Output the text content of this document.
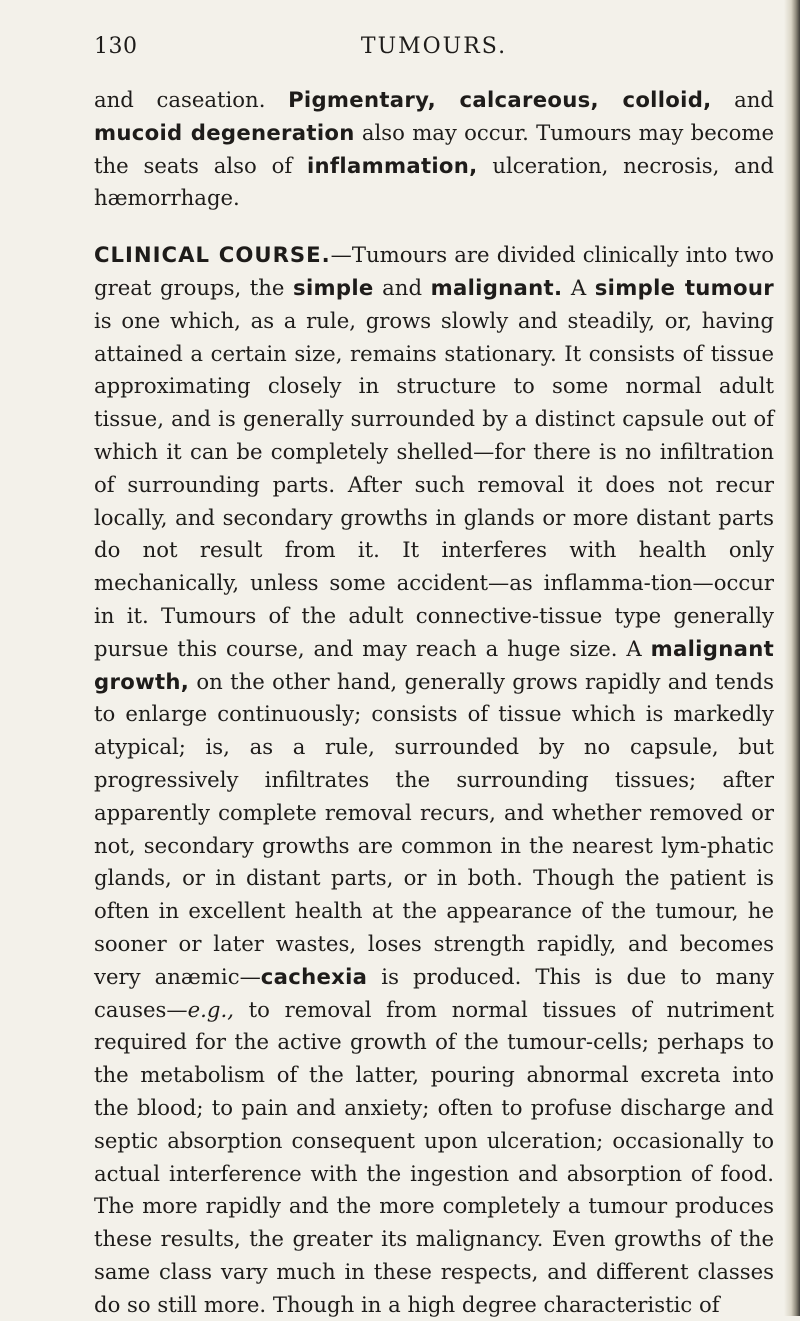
130	TUMOURS.

and caseation. Pigmentary, calcareous, colloid, and mucoid degeneration also may occur. Tumours may become the seats also of inflammation, ulceration, necrosis, and hæmorrhage.

CLINICAL COURSE.—Tumours are divided clinically into two great groups, the simple and malignant. A simple tumour is one which, as a rule, grows slowly and steadily, or, having attained a certain size, remains stationary. It consists of tissue approximating closely in structure to some normal adult tissue, and is generally surrounded by a distinct capsule out of which it can be completely shelled—for there is no infiltration of surrounding parts. After such removal it does not recur locally, and secondary growths in glands or more distant parts do not result from it. It interferes with health only mechanically, unless some accident—as inflamma-tion—occur in it. Tumours of the adult connective-tissue type generally pursue this course, and may reach a huge size. A malignant growth, on the other hand, generally grows rapidly and tends to enlarge continuously; consists of tissue which is markedly atypical; is, as a rule, surrounded by no capsule, but progressively infiltrates the surrounding tissues; after apparently complete removal recurs, and whether removed or not, secondary growths are common in the nearest lym-phatic glands, or in distant parts, or in both. Though the patient is often in excellent health at the appearance of the tumour, he sooner or later wastes, loses strength rapidly, and becomes very anæmic—cachexia is produced. This is due to many causes—e.g., to removal from normal tissues of nutriment required for the active growth of the tumour-cells; perhaps to the metabolism of the latter, pouring abnormal excreta into the blood; to pain and anxiety; often to profuse discharge and septic absorption consequent upon ulceration; occasionally to actual interference with the ingestion and absorption of food. The more rapidly and the more completely a tumour produces these results, the greater its malignancy. Even growths of the same class vary much in these respects, and different classes do so still more. Though in a high degree characteristic of
